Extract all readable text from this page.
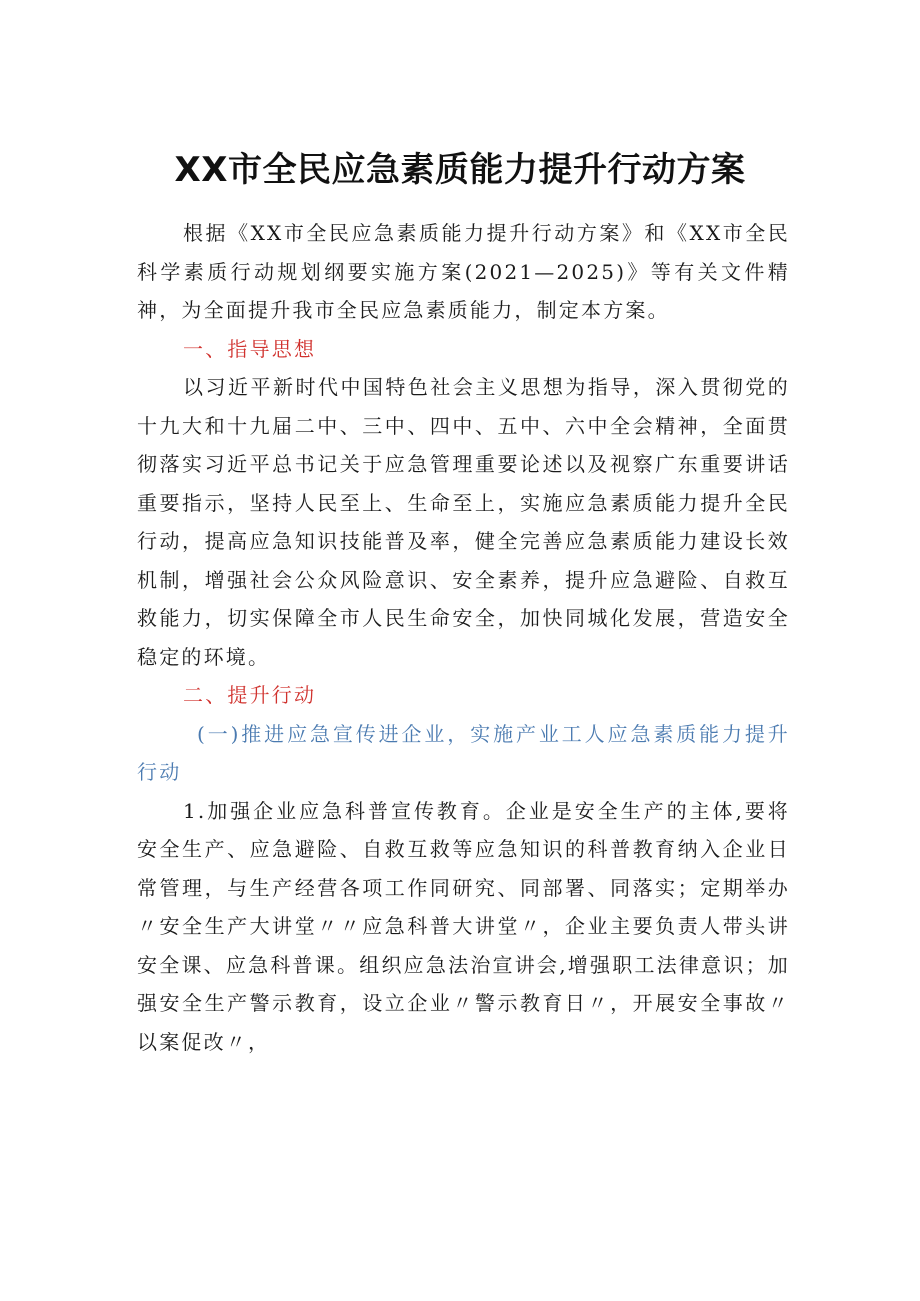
XX市全民应急素质能力提升行动方案

根据《XX市全民应急素质能力提升行动方案》和《XX市全民科学素质行动规划纲要实施方案(2021—2025)》等有关文件精神，为全面提升我市全民应急素质能力，制定本方案。

一、指导思想

以习近平新时代中国特色社会主义思想为指导，深入贯彻党的十九大和十九届二中、三中、四中、五中、六中全会精神，全面贯彻落实习近平总书记关于应急管理重要论述以及视察广东重要讲话重要指示，坚持人民至上、生命至上，实施应急素质能力提升全民行动，提高应急知识技能普及率，健全完善应急素质能力建设长效机制，增强社会公众风险意识、安全素养，提升应急避险、自救互救能力，切实保障全市人民生命安全，加快同城化发展，营造安全稳定的环境。

二、提升行动

(一)推进应急宣传进企业，实施产业工人应急素质能力提升行动

1.加强企业应急科普宣传教育。企业是安全生产的主体,要将安全生产、应急避险、自救互救等应急知识的科普教育纳入企业日常管理，与生产经营各项工作同研究、同部署、同落实；定期举办〃安全生产大讲堂〃〃应急科普大讲堂〃，企业主要负责人带头讲安全课、应急科普课。组织应急法治宣讲会,增强职工法律意识；加强安全生产警示教育，设立企业〃警示教育日〃，开展安全事故〃以案促改〃，
